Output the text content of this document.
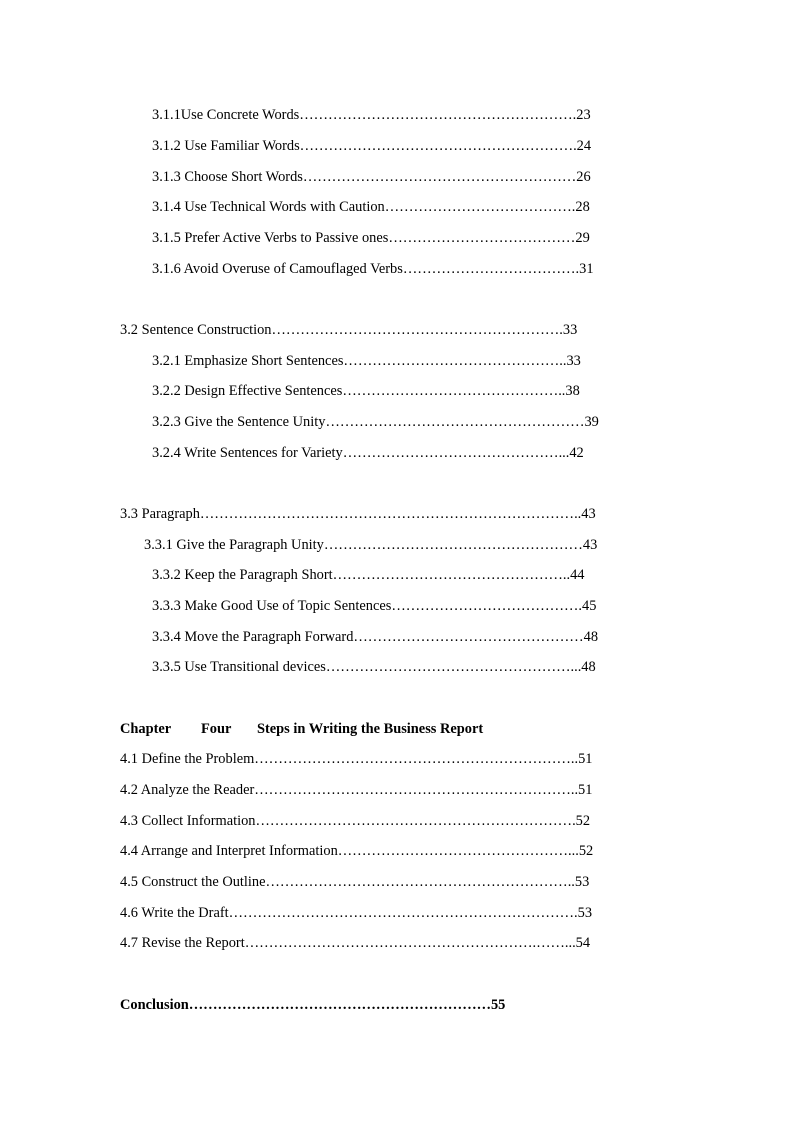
3.1.1Use Concrete Words………………………………………………….23
3.1.2 Use Familiar Words………………………………………………….24
3.1.3 Choose Short Words…………………………………………………26
3.1.4 Use Technical Words with Caution………………………………….28
3.1.5 Prefer Active Verbs to Passive ones…………………………………29
3.1.6 Avoid Overuse of Camouflaged Verbs……………………………….31
3.2 Sentence Construction…………………………………………………….33
3.2.1 Emphasize Short Sentences………………………………………..33
3.2.2 Design Effective Sentences………………………………………..38
3.2.3 Give the Sentence Unity………………………………………………39
3.2.4 Write Sentences for Variety………………………………………...42
3.3 Paragraph……………………………………………………………………..43
3.3.1 Give the Paragraph Unity………………………………………………43
3.3.2 Keep the Paragraph Short…………………………………………..44
3.3.3 Make Good Use of Topic Sentences………………………………….45
3.3.4 Move the Paragraph Forward…………………………………………48
3.3.5 Use Transitional devices……………………………………………...48
Chapter Four Steps in Writing the Business Report
4.1 Define the Problem…………………………………………………………..51
4.2 Analyze the Reader…………………………………………………………..51
4.3 Collect Information………………………………………………………….52
4.4 Arrange and Interpret Information…………………………………………...52
4.5 Construct the Outline………………………………………………………..53
4.6 Write the Draft……………………………………………………………….53
4.7 Revise the Report…………………………………………………….……...54
Conclusion………………………………………………………55
